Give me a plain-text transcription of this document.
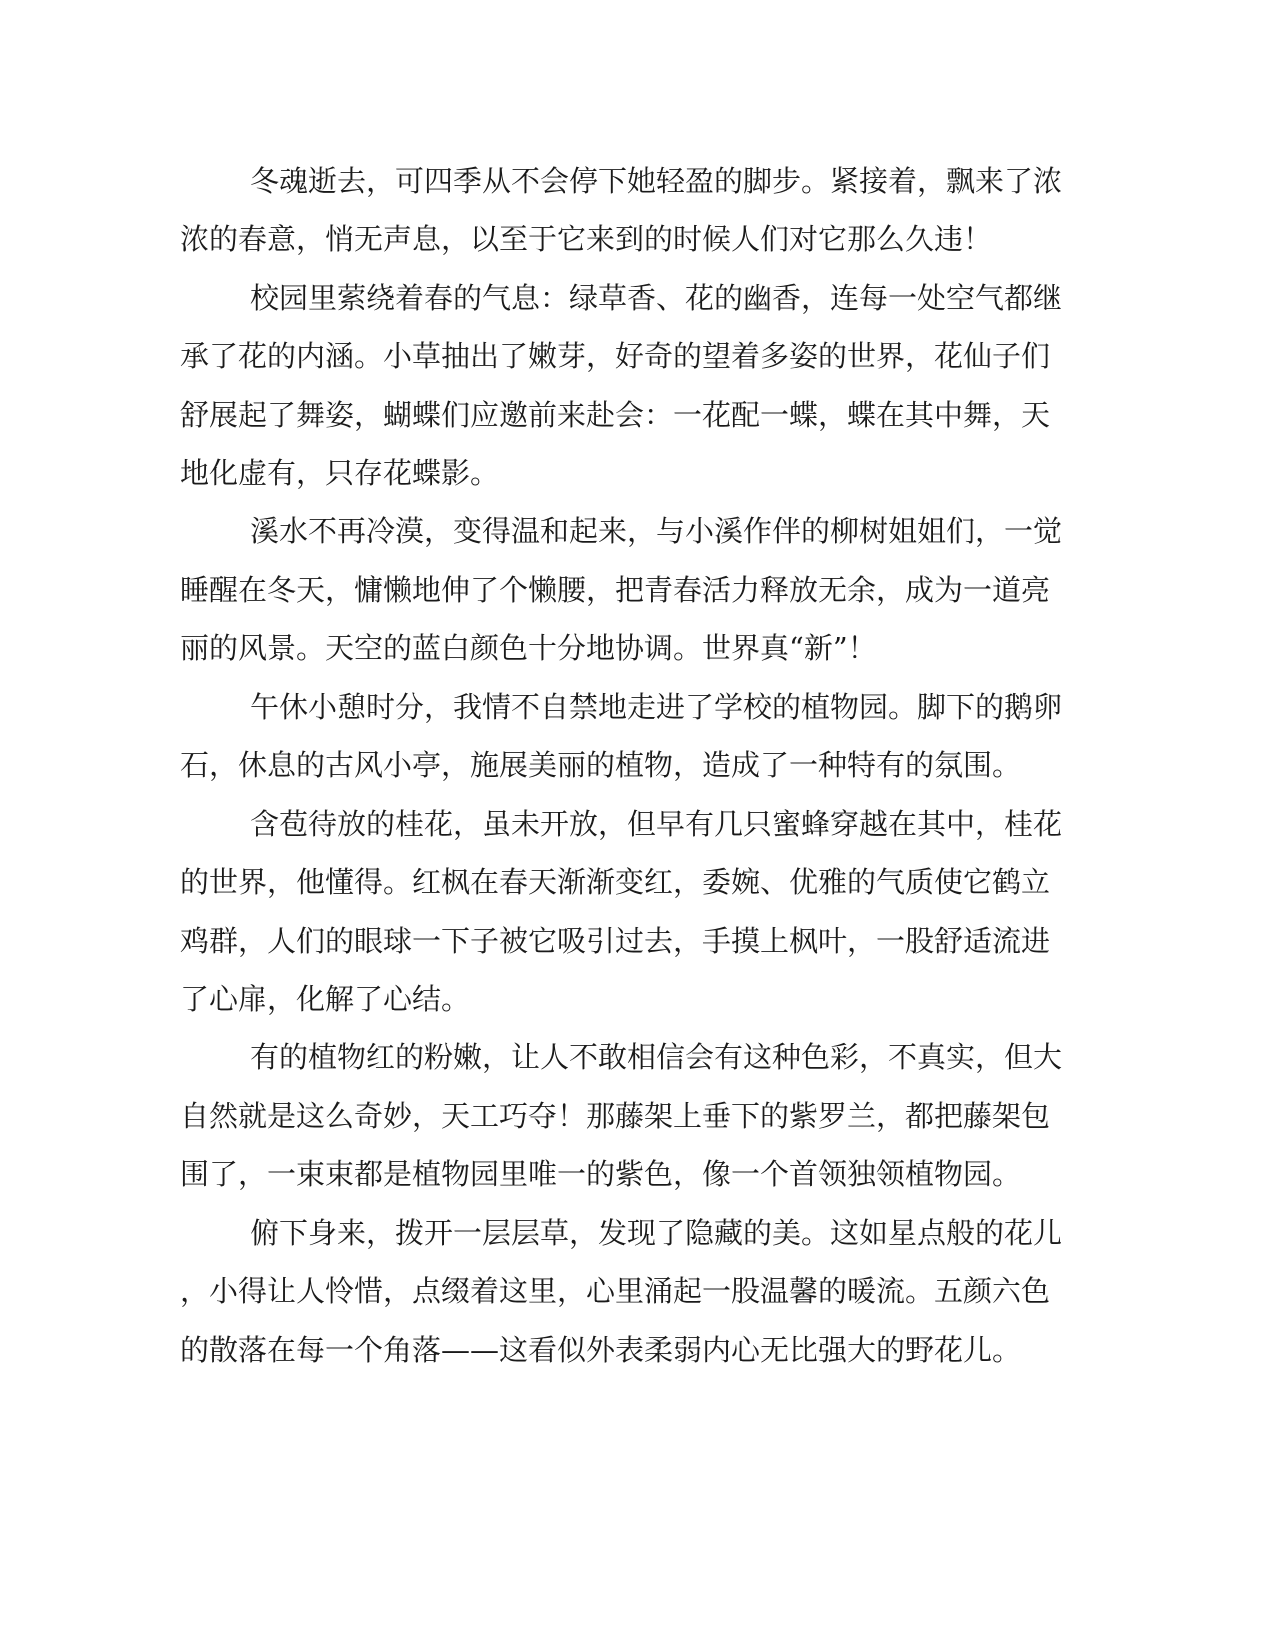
冬魂逝去，可四季从不会停下她轻盈的脚步。紧接着，飘来了浓
浓的春意，悄无声息，以至于它来到的时候人们对它那么久违！
校园里萦绕着春的气息：绿草香、花的幽香，连每一处空气都继
承了花的内涵。小草抽出了嫩芽，好奇的望着多姿的世界，花仙子们
舒展起了舞姿，蝴蝶们应邀前来赴会：一花配一蝶，蝶在其中舞，天
地化虚有，只存花蝶影。
溪水不再冷漠，变得温和起来，与小溪作伴的柳树姐姐们，一觉
睡醒在冬天，慵懒地伸了个懒腰，把青春活力释放无余，成为一道亮
丽的风景。天空的蓝白颜色十分地协调。世界真“新”！
午休小憩时分，我情不自禁地走进了学校的植物园。脚下的鹅卵
石，休息的古风小亭，施展美丽的植物，造成了一种特有的氛围。
含苞待放的桂花，虽未开放，但早有几只蜜蜂穿越在其中，桂花
的世界，他懂得。红枫在春天渐渐变红，委婉、优雅的气质使它鹤立
鸡群，人们的眼球一下子被它吸引过去，手摸上枫叶，一股舒适流进
了心扉，化解了心结。
有的植物红的粉嫩，让人不敢相信会有这种色彩，不真实，但大
自然就是这么奇妙，天工巧夺！那藤架上垂下的紫罗兰，都把藤架包
围了，一束束都是植物园里唯一的紫色，像一个首领独领植物园。
俯下身来，拨开一层层草，发现了隐藏的美。这如星点般的花儿
，小得让人怜惜，点缀着这里，心里涌起一股温馨的暖流。五颜六色
的散落在每一个角落——这看似外表柔弱内心无比强大的野花儿。
